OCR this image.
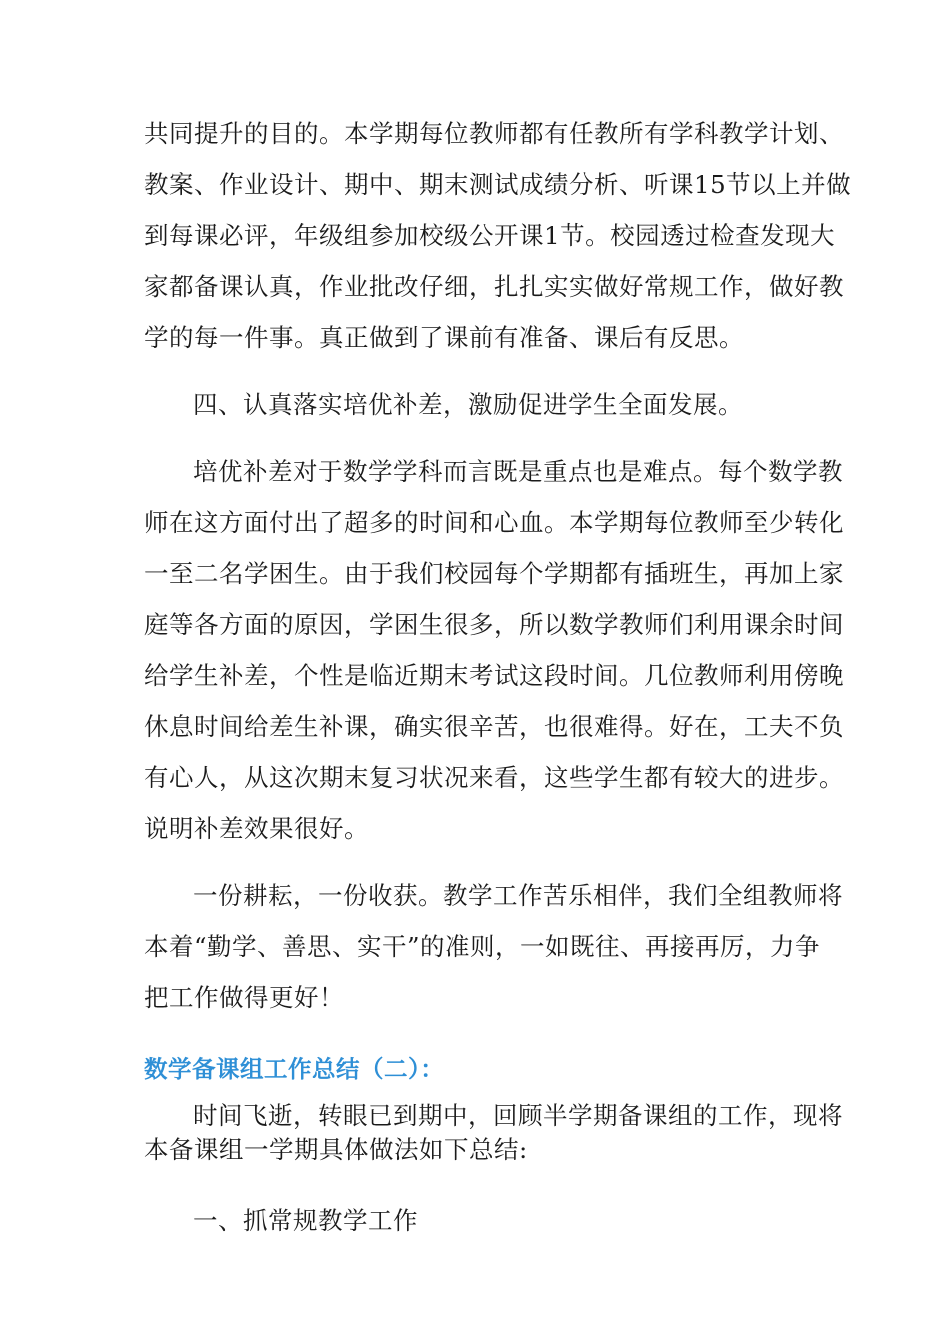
共同提升的目的。本学期每位教师都有任教所有学科教学计划、
教案、作业设计、期中、期末测试成绩分析、听课15节以上并做
到每课必评，年级组参加校级公开课1节。校园透过检查发现大
家都备课认真，作业批改仔细，扎扎实实做好常规工作，做好教
学的每一件事。真正做到了课前有准备、课后有反思。

四、认真落实培优补差，激励促进学生全面发展。

培优补差对于数学学科而言既是重点也是难点。每个数学教
师在这方面付出了超多的时间和心血。本学期每位教师至少转化
一至二名学困生。由于我们校园每个学期都有插班生，再加上家
庭等各方面的原因，学困生很多，所以数学教师们利用课余时间
给学生补差，个性是临近期末考试这段时间。几位教师利用傍晚
休息时间给差生补课，确实很辛苦，也很难得。好在，工夫不负
有心人，从这次期末复习状况来看，这些学生都有较大的进步。
说明补差效果很好。

一份耕耘，一份收获。教学工作苦乐相伴，我们全组教师将
本着“勤学、善思、实干”的准则，一如既往、再接再厉，力争
把工作做得更好！

数学备课组工作总结（二）：

时间飞逝，转眼已到期中，回顾半学期备课组的工作，现将
本备课组一学期具体做法如下总结:

一、抓常规教学工作
